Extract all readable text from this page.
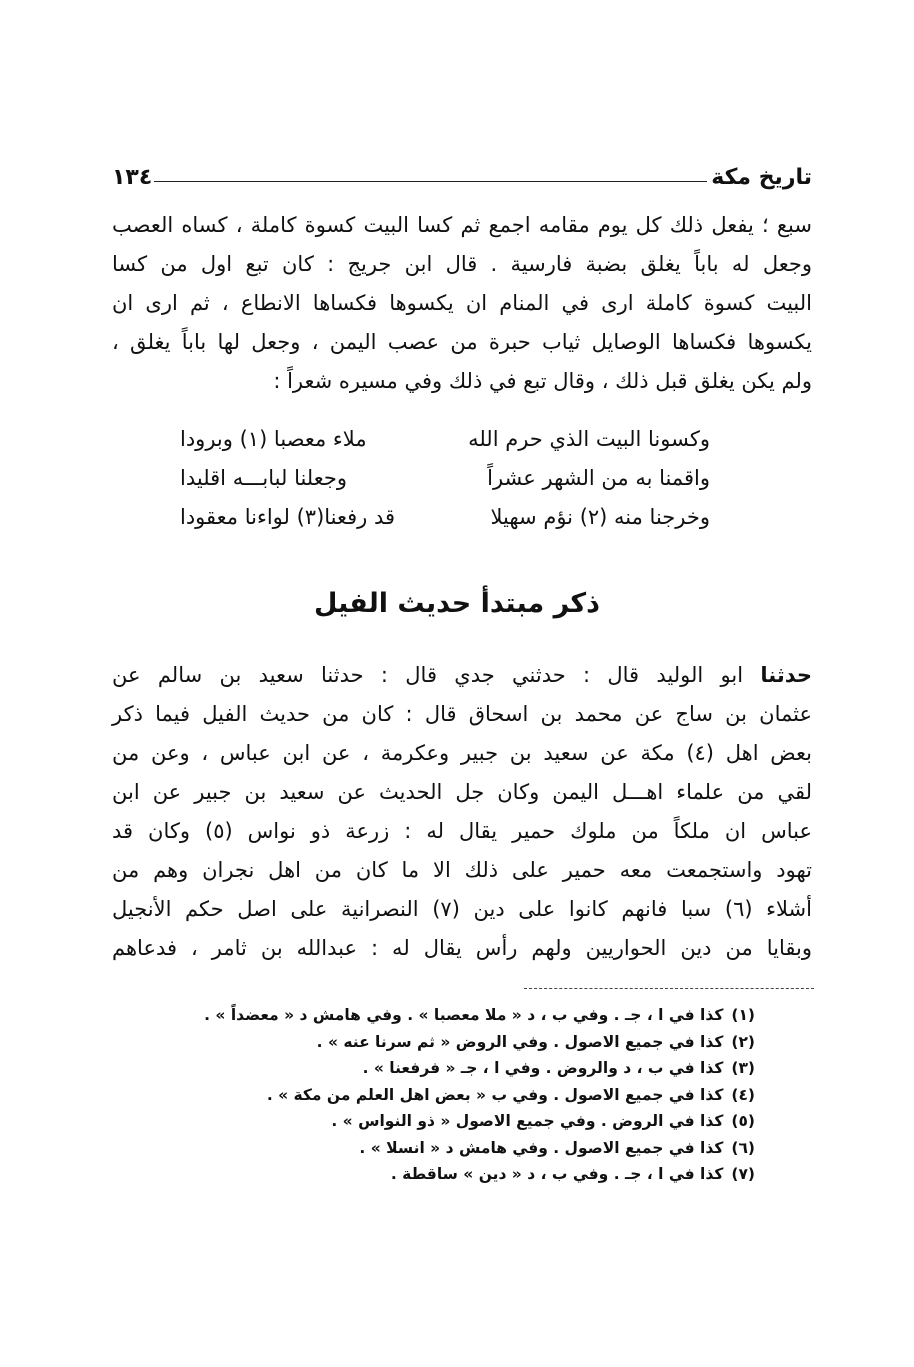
تاريخ مكة
١٣٤
سبع ؛ يفعل ذلك كل يوم مقامه اجمع ثم كسا البيت كسوة كاملة ، كساه العصب
وجعل له باباً يغلق بضبة فارسية . قال ابن جريج : كان تبع اول من كسا
البيت كسوة كاملة ارى في المنام ان يكسوها فكساها الانطاع ، ثم ارى ان
يكسوها فكساها الوصايل ثياب حبرة من عصب اليمن ، وجعل لها باباً يغلق ،
ولم يكن يغلق قبل ذلك ، وقال تبع في ذلك وفي مسيره شعراً :
وكسونا البيت الذي حرم الله
ملاء معصبا (١) وبرودا
واقمنا به من الشهر عشراً
وجعلنا لبابـــه اقليدا
وخرجنا منه (٢) نؤم سهيلا
قد رفعنا(٣) لواءنا معقودا
ذكر مبتدأ حديث الفيل
حدثنا ابو الوليد قال : حدثني جدي قال : حدثنا سعيد بن سالم عن
عثمان بن ساج عن محمد بن اسحاق قال : كان من حديث الفيل فيما ذكر
بعض اهل (٤) مكة عن سعيد بن جبير وعكرمة ، عن ابن عباس ، وعن من
لقي من علماء اهـــل اليمن وكان جل الحديث عن سعيد بن جبير عن ابن
عباس ان ملكاً من ملوك حمير يقال له : زرعة ذو نواس (٥) وكان قد
تهود واستجمعت معه حمير على ذلك الا ما كان من اهل نجران وهم من
أشلاء (٦) سبا فانهم كانوا على دين (٧) النصرانية على اصل حكم الأنجيل
وبقايا من دين الحواريين ولهم رأس يقال له : عبدالله بن ثامر ، فدعاهم
(١)كذا في ا ، جـ . وفي ب ، د « ملا معصبا » . وفي هامش د « معضداً » .
(٢)كذا في جميع الاصول . وفي الروض « ثم سرنا عنه » .
(٣)كذا في ب ، د والروض . وفي ا ، جـ « فرفعنا » .
(٤)كذا في جميع الاصول . وفي ب « بعض اهل العلم من مكة » .
(٥)كذا في الروض . وفي جميع الاصول « ذو النواس » .
(٦)كذا في جميع الاصول . وفي هامش د « انسلا » .
(٧)كذا في ا ، جـ . وفي ب ، د « دين » ساقطة .
